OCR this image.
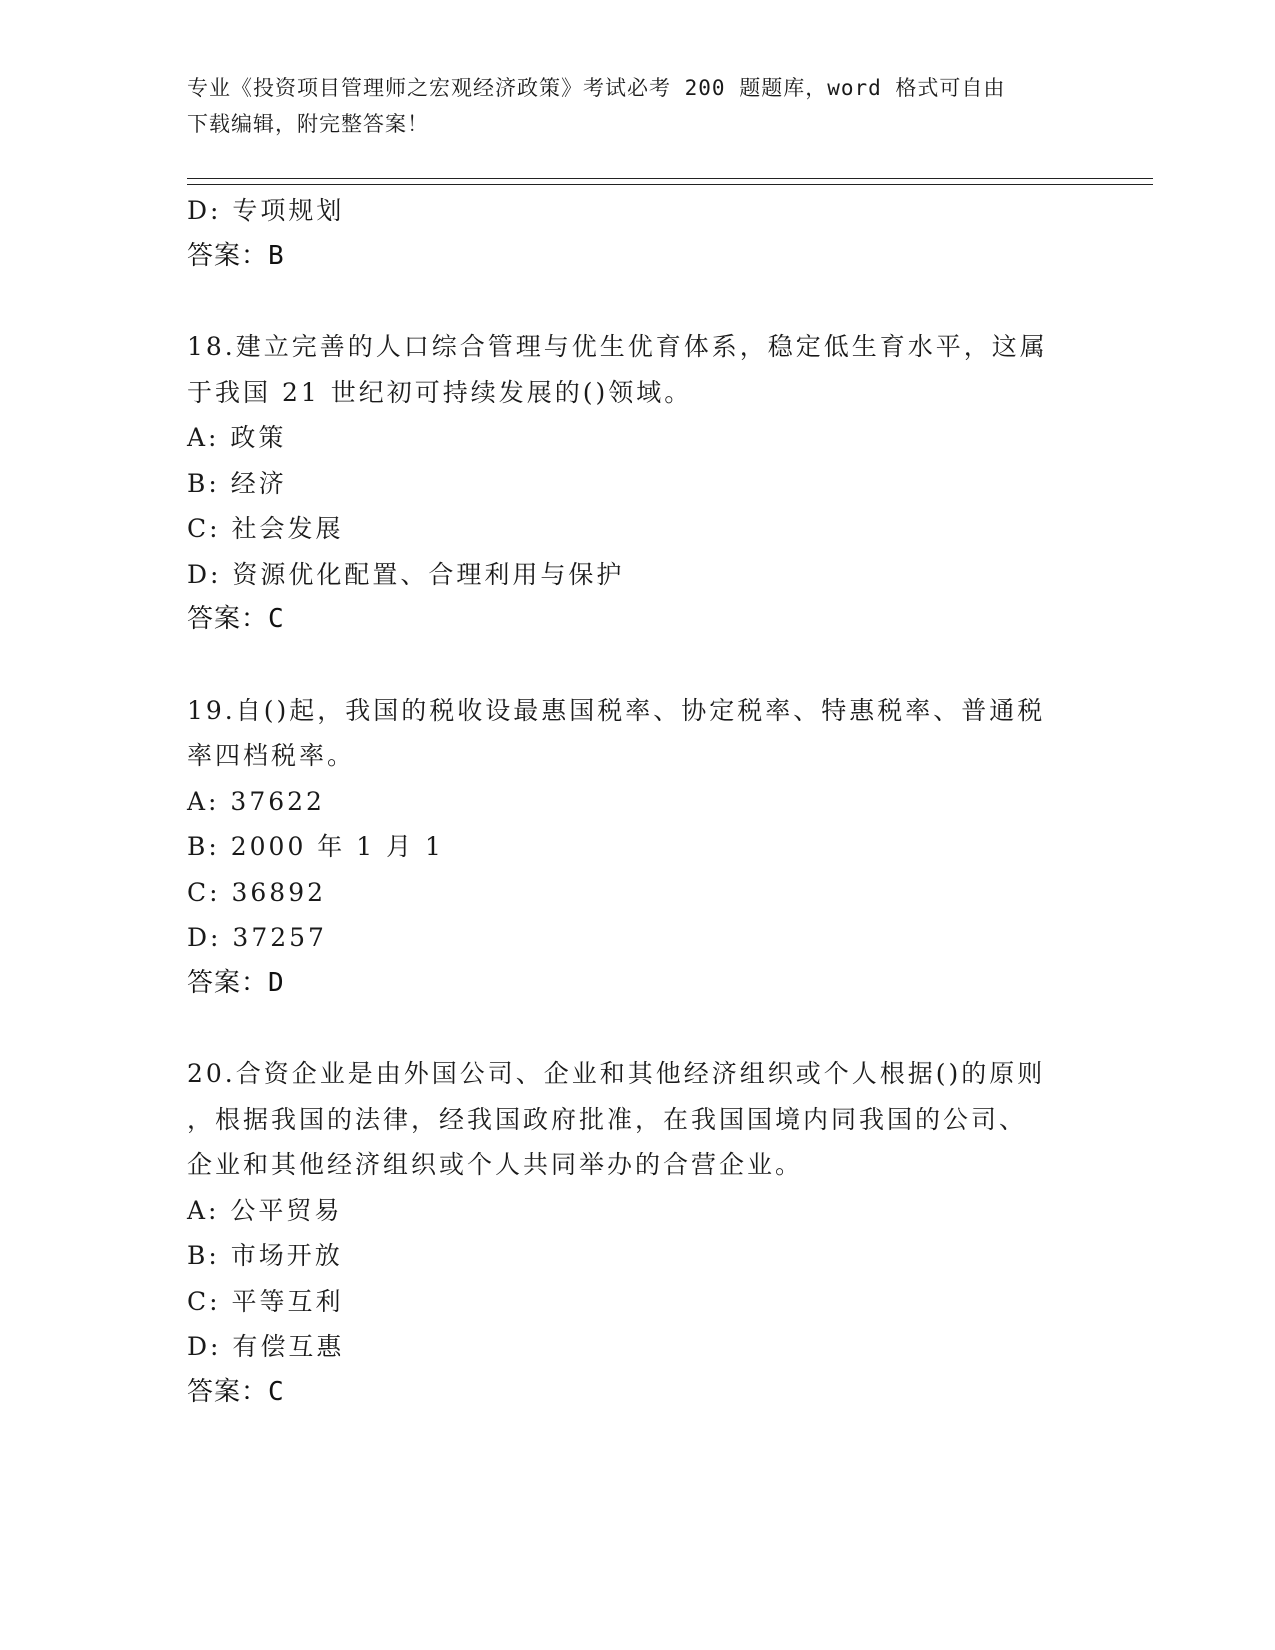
专业《投资项目管理师之宏观经济政策》考试必考 200 题题库，word 格式可自由
下载编辑，附完整答案！
D: 专项规划
答案：B
18.建立完善的人口综合管理与优生优育体系，稳定低生育水平，这属
于我国 21 世纪初可持续发展的()领域。
A: 政策
B: 经济
C: 社会发展
D: 资源优化配置、合理利用与保护
答案：C
19.自()起，我国的税收设最惠国税率、协定税率、特惠税率、普通税
率四档税率。
A: 37622
B: 2000 年 1 月 1
C: 36892
D: 37257
答案：D
20.合资企业是由外国公司、企业和其他经济组织或个人根据()的原则
，根据我国的法律，经我国政府批准，在我国国境内同我国的公司、
企业和其他经济组织或个人共同举办的合营企业。
A: 公平贸易
B: 市场开放
C: 平等互利
D: 有偿互惠
答案：C
